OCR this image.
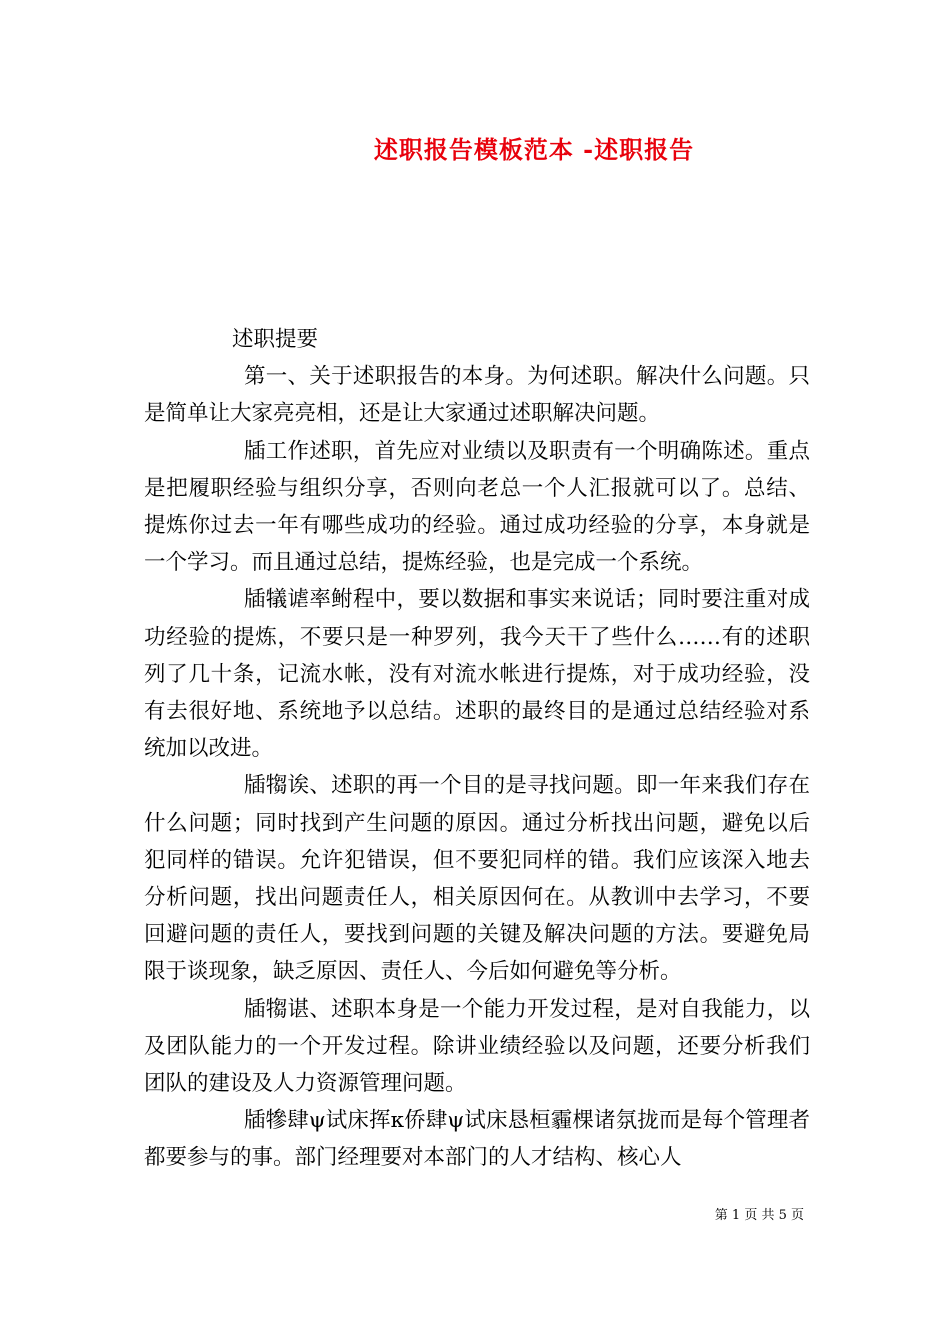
述职报告模板范本 -述职报告

述职提要

第一、关于述职报告的本身。为何述职。解决什么问题。只是简单让大家亮亮相，还是让大家通过述职解决问题。

牐工作述职，首先应对业绩以及职责有一个明确陈述。重点是把履职经验与组织分享，否则向老总一个人汇报就可以了。总结、提炼你过去一年有哪些成功的经验。通过成功经验的分享，本身就是一个学习。而且通过总结，提炼经验，也是完成一个系统。

牐犠谑率鲋程中，要以数据和事实来说话；同时要注重对成功经验的提炼，不要只是一种罗列，我今天干了些什么……有的述职列了几十条，记流水帐，没有对流水帐进行提炼，对于成功经验，没有去很好地、系统地予以总结。述职的最终目的是通过总结经验对系统加以改进。

牐犓诶、述职的再一个目的是寻找问题。即一年来我们存在什么问题；同时找到产生问题的原因。通过分析找出问题，避免以后犯同样的错误。允许犯错误，但不要犯同样的错。我们应该深入地去分析问题，找出问题责任人，相关原因何在。从教训中去学习，不要回避问题的责任人，要找到问题的关键及解决问题的方法。要避免局限于谈现象，缺乏原因、责任人、今后如何避免等分析。

牐犓谌、述职本身是一个能力开发过程，是对自我能力，以及团队能力的一个开发过程。除讲业绩经验以及问题，还要分析我们团队的建设及人力资源管理问题。

牐犙肆ψ试床挥κ侨肆ψ试床恳桓霾棵诸氛拢而是每个管理者都要参与的事。部门经理要对本部门的人才结构、核心人

第 1 页 共 5 页
